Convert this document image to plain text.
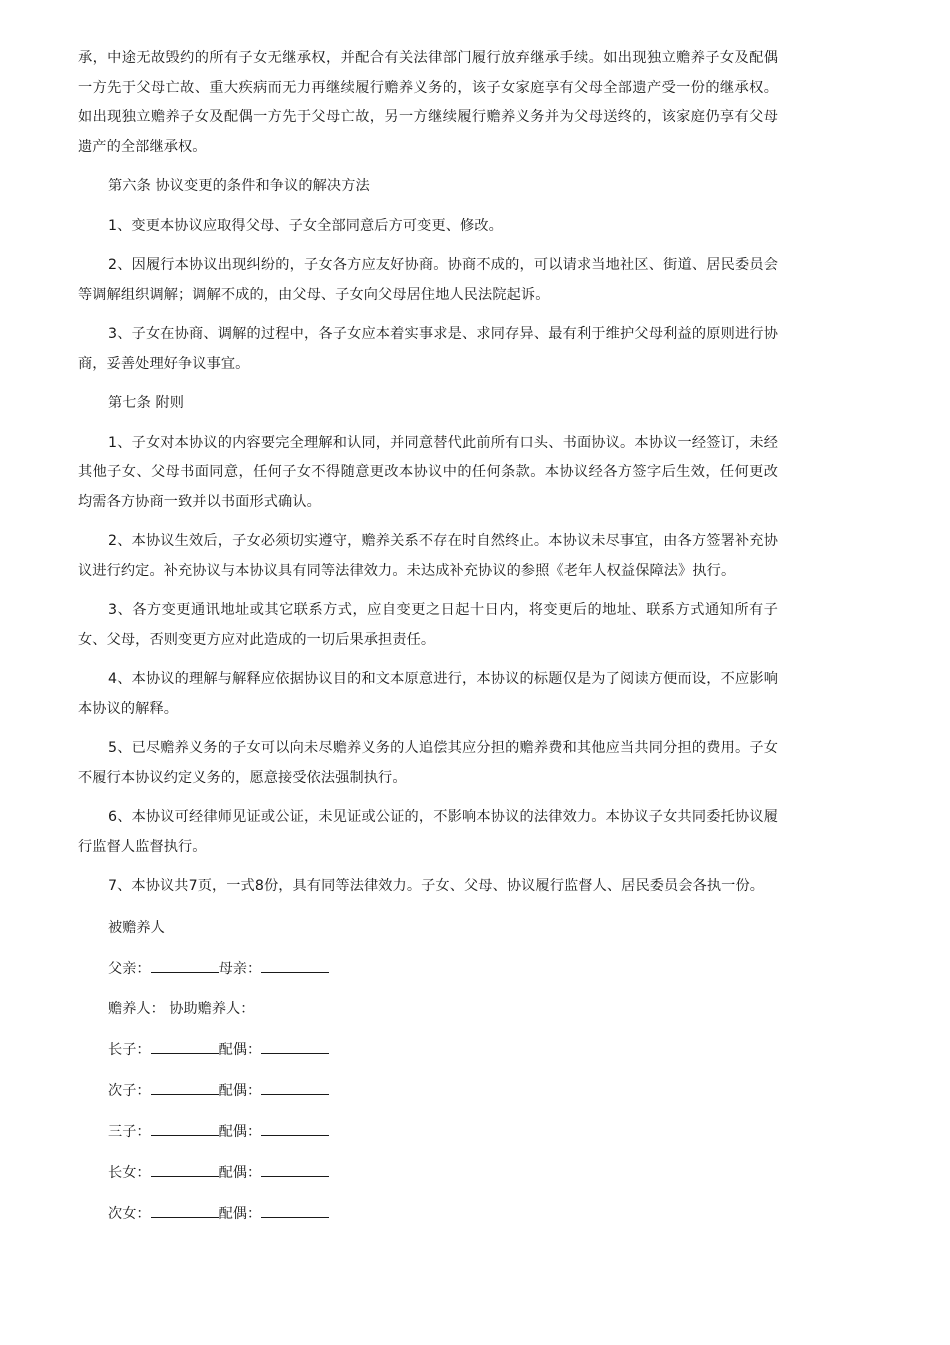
承，中途无故毁约的所有子女无继承权，并配合有关法律部门履行放弃继承手续。如出现独立赡养子女及配偶一方先于父母亡故、重大疾病而无力再继续履行赡养义务的，该子女家庭享有父母全部遗产受一份的继承权。如出现独立赡养子女及配偶一方先于父母亡故，另一方继续履行赡养义务并为父母送终的，该家庭仍享有父母遗产的全部继承权。

第六条 协议变更的条件和争议的解决方法

1、变更本协议应取得父母、子女全部同意后方可变更、修改。

2、因履行本协议出现纠纷的，子女各方应友好协商。协商不成的，可以请求当地社区、街道、居民委员会等调解组织调解；调解不成的，由父母、子女向父母居住地人民法院起诉。

3、子女在协商、调解的过程中，各子女应本着实事求是、求同存异、最有利于维护父母利益的原则进行协商，妥善处理好争议事宜。

第七条 附则

1、子女对本协议的内容要完全理解和认同，并同意替代此前所有口头、书面协议。本协议一经签订，未经其他子女、父母书面同意，任何子女不得随意更改本协议中的任何条款。本协议经各方签字后生效，任何更改均需各方协商一致并以书面形式确认。

2、本协议生效后，子女必须切实遵守，赡养关系不存在时自然终止。本协议未尽事宜，由各方签署补充协议进行约定。补充协议与本协议具有同等法律效力。未达成补充协议的参照《老年人权益保障法》执行。

3、各方变更通讯地址或其它联系方式，应自变更之日起十日内，将变更后的地址、联系方式通知所有子女、父母，否则变更方应对此造成的一切后果承担责任。

4、本协议的理解与解释应依据协议目的和文本原意进行，本协议的标题仅是为了阅读方便而设，不应影响本协议的解释。

5、已尽赡养义务的子女可以向未尽赡养义务的人追偿其应分担的赡养费和其他应当共同分担的费用。子女不履行本协议约定义务的，愿意接受依法强制执行。

6、本协议可经律师见证或公证，未见证或公证的，不影响本协议的法律效力。本协议子女共同委托协议履行监督人监督执行。

7、本协议共7页，一式8份，具有同等法律效力。子女、父母、协议履行监督人、居民委员会各执一份。

被赡养人
父亲：	母亲：
赡养人： 协助赡养人：
长子：	配偶：
次子：	配偶：
三子：	配偶：
长女：	配偶：
次女：	配偶：
